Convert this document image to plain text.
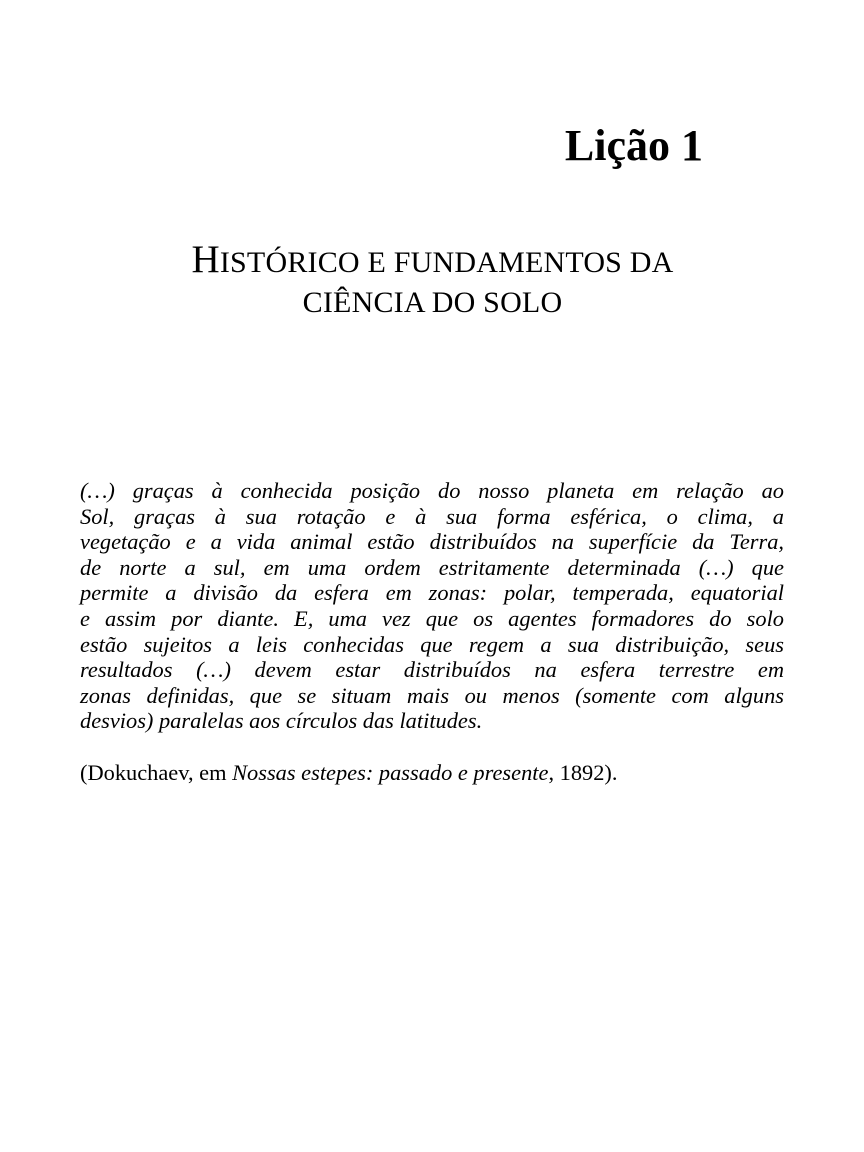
Lição 1
HISTÓRICO E FUNDAMENTOS DA
CIÊNCIA DO SOLO
(…) graças à conhecida posição do nosso planeta em relação ao
Sol, graças à sua rotação e à sua forma esférica, o clima, a
vegetação e a vida animal estão distribuídos na superfície da Terra,
de norte a sul, em uma ordem estritamente determinada (…) que
permite a divisão da esfera em zonas: polar, temperada, equatorial
e assim por diante. E, uma vez que os agentes formadores do solo
estão sujeitos a leis conhecidas que regem a sua distribuição, seus
resultados (…) devem estar distribuídos na esfera terrestre em
zonas definidas, que se situam mais ou menos (somente com alguns
desvios) paralelas aos círculos das latitudes.

(Dokuchaev, em Nossas estepes: passado e presente, 1892).
